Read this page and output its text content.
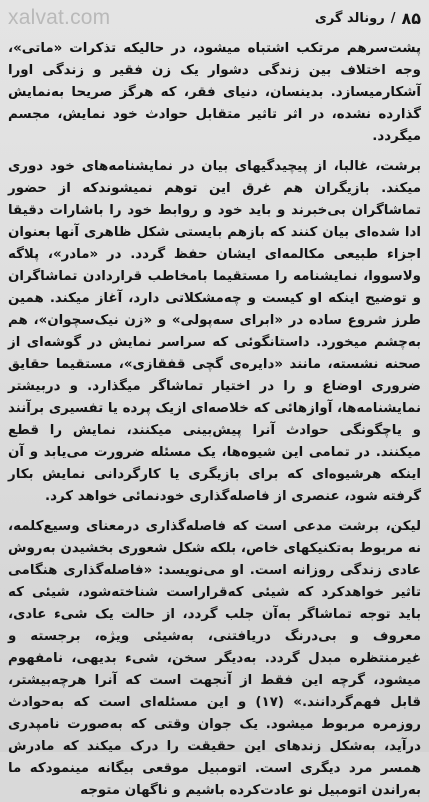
xalvat.com	۸۵
/
رونالد گری

پشت‌سرهم مرتکب اشتباه میشود، در حالیکه تذکرات «ماتی»، وجه اختلاف بین زندگی دشوار یک زن فقیر و زندگی اورا آشکارمیسازد. بدینسان، دنیای فقر، که هرگز صریحا به‌نمایش گذارده نشده، در اثر تاثیر متقابل حوادث خود نمایش، مجسم میگردد.

برشت، غالبا، از پیچیدگیهای بیان در نمایشنامه‌های خود دوری میکند. بازیگران هم غرق این توهم نمیشوندکه از حضور تماشاگران بی‌خبرند و باید خود و روابط خود را باشارات دقیقا ادا شده‌ای بیان کنند که بازهم بایستی شکل ظاهری آنها بعنوان اجزاء طبیعی مکالمه‌ای ایشان حفظ گردد. در «مادر»، پلاگه ولاسووا، نمایشنامه را مستقیما بامخاطب قراردادن تماشاگران و توضیح اینکه او کیست و چه‌مشکلاتی دارد، آغاز میکند. همین طرز شروع ساده در «ابرای سه‌پولی» و «زن نیک‌سچوان»، هم به‌چشم میخورد. داستانگوئی که سراسر نمایش در گوشه‌ای از صحنه نشسته، مانند «دایره‌ی گچی قفقازی»، مستقیما حقایق ضروری اوضاع و را در اختیار تماشاگر میگذارد. و دربیشتر نمایشنامه‌ها، آوازهائی که خلاصه‌ای ازیک پرده یا تفسیری برآنند و یاچگونگی حوادث آنرا پیش‌بینی میکنند، نمایش را قطع میکنند. در تمامی این شیوه‌ها، یک مسئله ضرورت می‌یابد و آن اینکه هرشیوه‌ای که برای بازیگری یا کارگردانی نمایش بکار گرفته شود، عنصری از فاصله‌گذاری خودنمائی خواهد کرد.

لیکن، برشت مدعی است که فاصله‌گذاری درمعنای وسیع‌کلمه، نه مربوط به‌تکنیکهای خاص، بلکه شکل شعوری بخشیدن به‌روش عادی زندگی روزانه است. او می‌نویسد: «فاصله‌گذاری هنگامی تاثیر خواهدکرد که شیئی که‌قراراست شناخته‌شود، شیئی که باید توجه تماشاگر به‌آن جلب گردد، از حالت یک شیء عادی، معروف و بی‌درنگ دریافتنی، به‌شیئی ویژه، برجسته و غیرمنتظره مبدل گردد. به‌دیگر سخن، شیء بدیهی، نامفهوم میشود، گرچه این فقط از آنجهت است که آنرا هرچه‌بیشتر، قابل فهم‌گردانند.» (۱۷) و این مسئله‌ای است که به‌حوادث روزمره مربوط میشود. یک جوان وقتی که به‌صورت نامپدری درآید، به‌شکل زندهای این حقیقت را درک میکند که مادرش همسر مرد دیگری است. اتومبیل موقعی بیگانه مینمودکه ما به‌راندن اتومبیل نو عادت‌کرده باشیم و ناگهان متوجه
